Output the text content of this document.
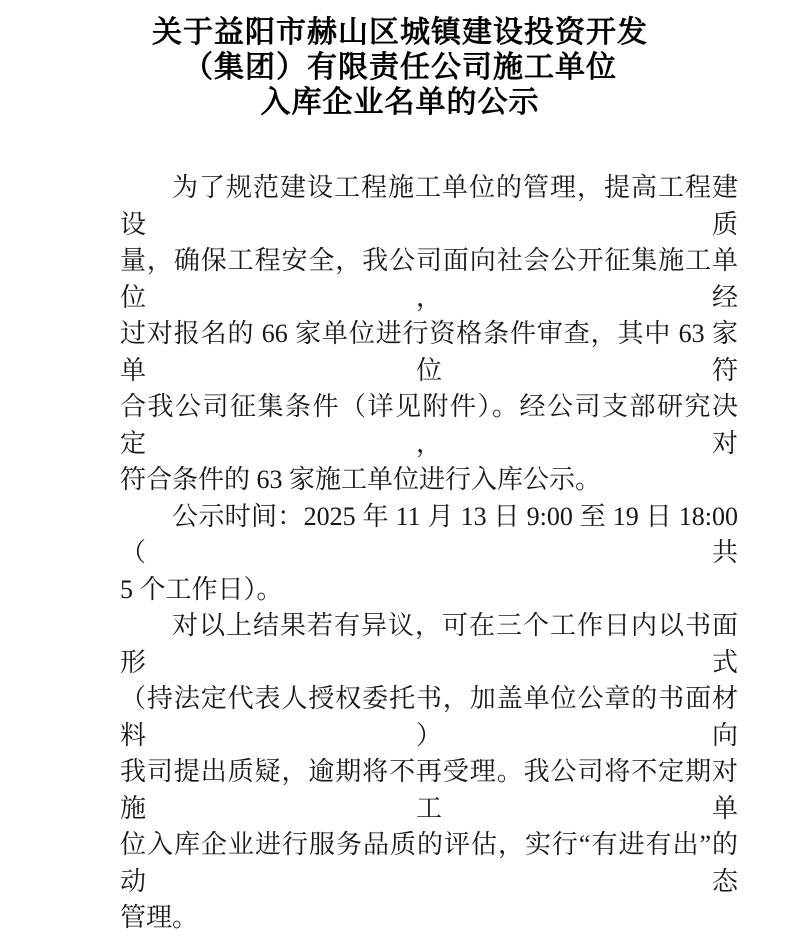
关于益阳市赫山区城镇建设投资开发
（集团）有限责任公司施工单位
入库企业名单的公示
为了规范建设工程施工单位的管理，提高工程建设质
量，确保工程安全，我公司面向社会公开征集施工单位，经
过对报名的 66 家单位进行资格条件审查，其中 63 家单位符
合我公司征集条件（详见附件）。经公司支部研究决定，对
符合条件的 63 家施工单位进行入库公示。
公示时间：2025 年 11 月 13 日 9:00 至 19 日 18:00（共
5 个工作日）。
对以上结果若有异议，可在三个工作日内以书面形式
（持法定代表人授权委托书，加盖单位公章的书面材料）向
我司提出质疑，逾期将不再受理。我公司将不定期对施工单
位入库企业进行服务品质的评估，实行“有进有出”的动态
管理。
